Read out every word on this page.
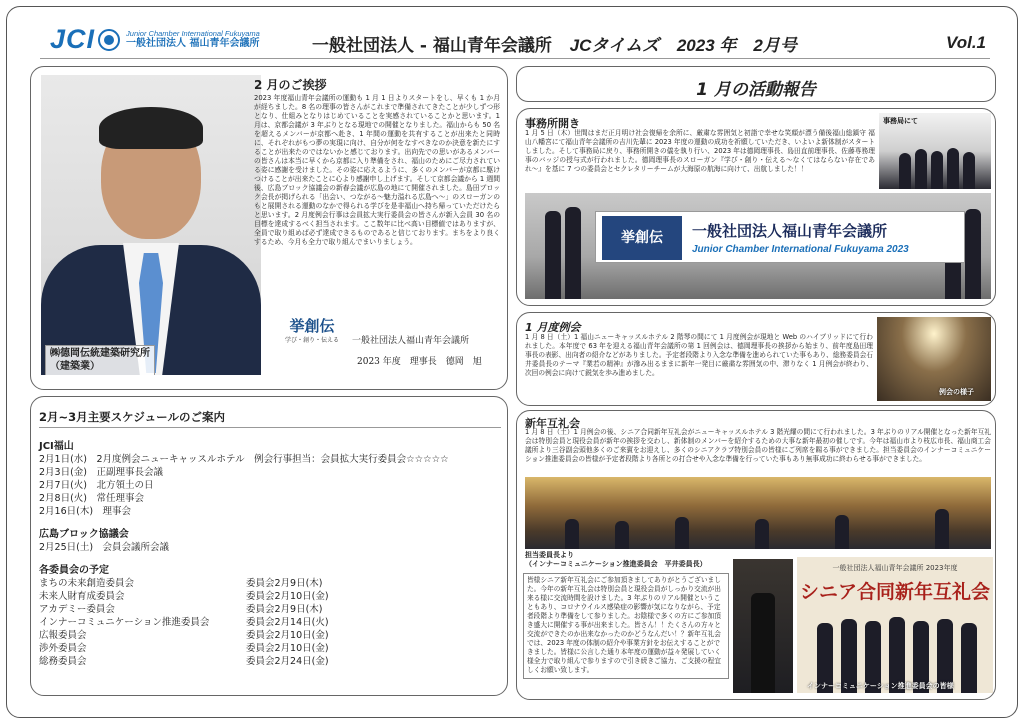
JCI	Junior Chamber International Fukuyama
一般社団法人 福山青年会議所	一般社団法人 - 福山青年会議所 JCタイムズ 2023 年　2月号	Vol.1
㈱德岡伝統建築研究所
（建築業）
2 月のご挨拶
2023 年度福山青年会議所の運動も 1 月 1 日よりスタートをし、早くも 1 か月が経ちました。8 名の理事の皆さんがこれまで準備されてきたことが少しずつ形となり、仕組みとなりはじめていることを実感されていることかと思います。1 月は、京都会議が 3 年ぶりとなる現地での開催となりました。福山からも 50 名を超えるメンバーが京都へ赴き、1 年間の運動を共有することが出来たと同時に、それぞれがもつ夢の実現に向け、自分が何をなすべきなのか決意を新たにすることが出来たのではないかと感じております。出向先での思いがあるメンバーの皆さんは本当に早くから京都に入り準備をされ、福山のためにご尽力されている姿に感謝を受けました。その姿に応えるように、多くのメンバーが京都に駆けつけることが出来たことに心より感謝申し上げます。そして京都会議から 1 週間後、広島ブロック協議会の新春会議が広島の地にて開催されました。島田ブロック会長が掲げられる「出会い、つながる〜魅力溢れる広島へ〜」のスローガンのもと展開される運動のなかで得られる学びを是非福山へ持ち帰っていただけたらと思います。2 月度例会行事は会員拡大実行委員会の皆さんが新入会員 30 名の目標を達成するべく担当されます。ここ数年に比べ高い目標値ではありますが、全員で取り組めば必ず達成できるものであると信じております。まちをより良くするため、今月も全力で取り組んでまいりましょう。
挙創伝
学び・創り・伝える	一般社団法人福山青年会議所
2023 年度　理事長　德岡　旭
2月~3月主要スケジュールのご案内
JCI福山
2月1日(水)　2月度例会ニューキャッスルホテル　例会行事担当：会員拡大実行委員会☆☆☆☆☆
2月3日(金)　正副理事長会議
2月7日(火)　北方領土の日
2月8日(火)　常任理事会
2月16日(木)　理事会
広島ブロック協議会
2月25日(土)　会員会議所会議
各委員会の予定
まちの未来創造委員会	委員会2月9日(木)
未来人財育成委員会	委員会2月10日(金)
アカデミー委員会	委員会2月9日(木)
インナーコミュニケーション推進委員会	委員会2月14日(火)
広報委員会	委員会2月10日(金)
渉外委員会	委員会2月10日(金)
総務委員会	委員会2月24日(金)
1 月の活動報告
事務所開き
1 月 5 日（木）世間はまだ正月明け社会復帰を余所に、厳粛な雰囲気と初詣で幸せな笑顔が漂う備後福山総鎮守 福山八幡宮にて福山青年会議所の吉川先輩に 2023 年度の運動の成功を祈願していただき、いよいよ新体制がスタートしました。そして事務局に戻り、事務所開きの儀を執り行い、2023 年は德岡理事長、島田直前理事長、佐藤専務理事のバッジの授与式が行われました。德岡理事長のスローガン『学び・創り・伝える〜なくてはならない存在であれ〜』を基に 7 つの委員会とセクレタリーチームが大海原の航海に向けて、出航しました！！
事務局にて
挙創伝	一般社団法人福山青年会議所
Junior Chamber International Fukuyama 2023
1 月度例会
1 月 8 日（土）1 福山ニューキャッスルホテル 2 階琴の間にて 1 月度例会が現地と Web のハイブリッドにて行われました。本年度で 63 年を迎える福山青年会議所の第 1 回例会は、德岡理事長の挨拶から始まり、前年度島田理事長の表影、出向者の紹介などがありました。予定者段階より入念な準備を進められていた事もあり、総務委員会石井委員長のテーマ『業若の精神』が滲み出るままに新年一発目に厳粛な雰囲気の中、滞りなく 1 月例会が終わり、次回の例会に向けて鋭気を歩み進めました。
例会の様子
新年互礼会
1 月 8 日（土）1 月例会の後、シニア合同新年互礼会がニューキャッスルホテル 3 階光耀の間にて行われました。3 年ぶりのリアル開催となった新年互礼会は特別会員と現役会員が新年の挨拶を交わし、新体制のメンバーを紹介するための大事な新年最初の催しです。今年は福山市より枝広市長、福山商工会議所より三谷副会頭他多くのご来賓をお迎えし、多くのシニアクラブ特別会員の皆様にご列席を賜る事ができました。担当委員会のインナーコミュニケーション推進委員会の皆様が予定者段階より各所との打合せや入念な準備を行っていた事もあり無事成功に終わらせる事ができました。
担当委員長より
（インナーコミュニケーション推進委員会　平井委員長）
皆様シニア新年互礼会にご参加頂きましてありがとうございました。今年の新年互礼会は特別会員と現役会員がしっかり交流が出来る様に交流時間を設けました。3 年ぶりのリアル開催ということもあり、コロナウイルス感染症の影響が気になりながら、予定者段階より準備をして参りました。お陰様で多くの方にご参加頂き盛大に開催する事が出来ました。皆さん！！たくさんの方々と交流ができたのか出来なかったのかどうなんだい！？新年互礼会では、2023 年度の体制の紹介や事業方針をお伝えすることができました。皆様に公言した通り本年度の運動が益々発展していく様全力で取り組んで参りますので引き続きご協力、ご支援の程宜しくお願い致します。
一般社団法人福山青年会議所 2023年度
シニア合同新年互礼会
インナーコミュニケーション推進委員会の皆様
